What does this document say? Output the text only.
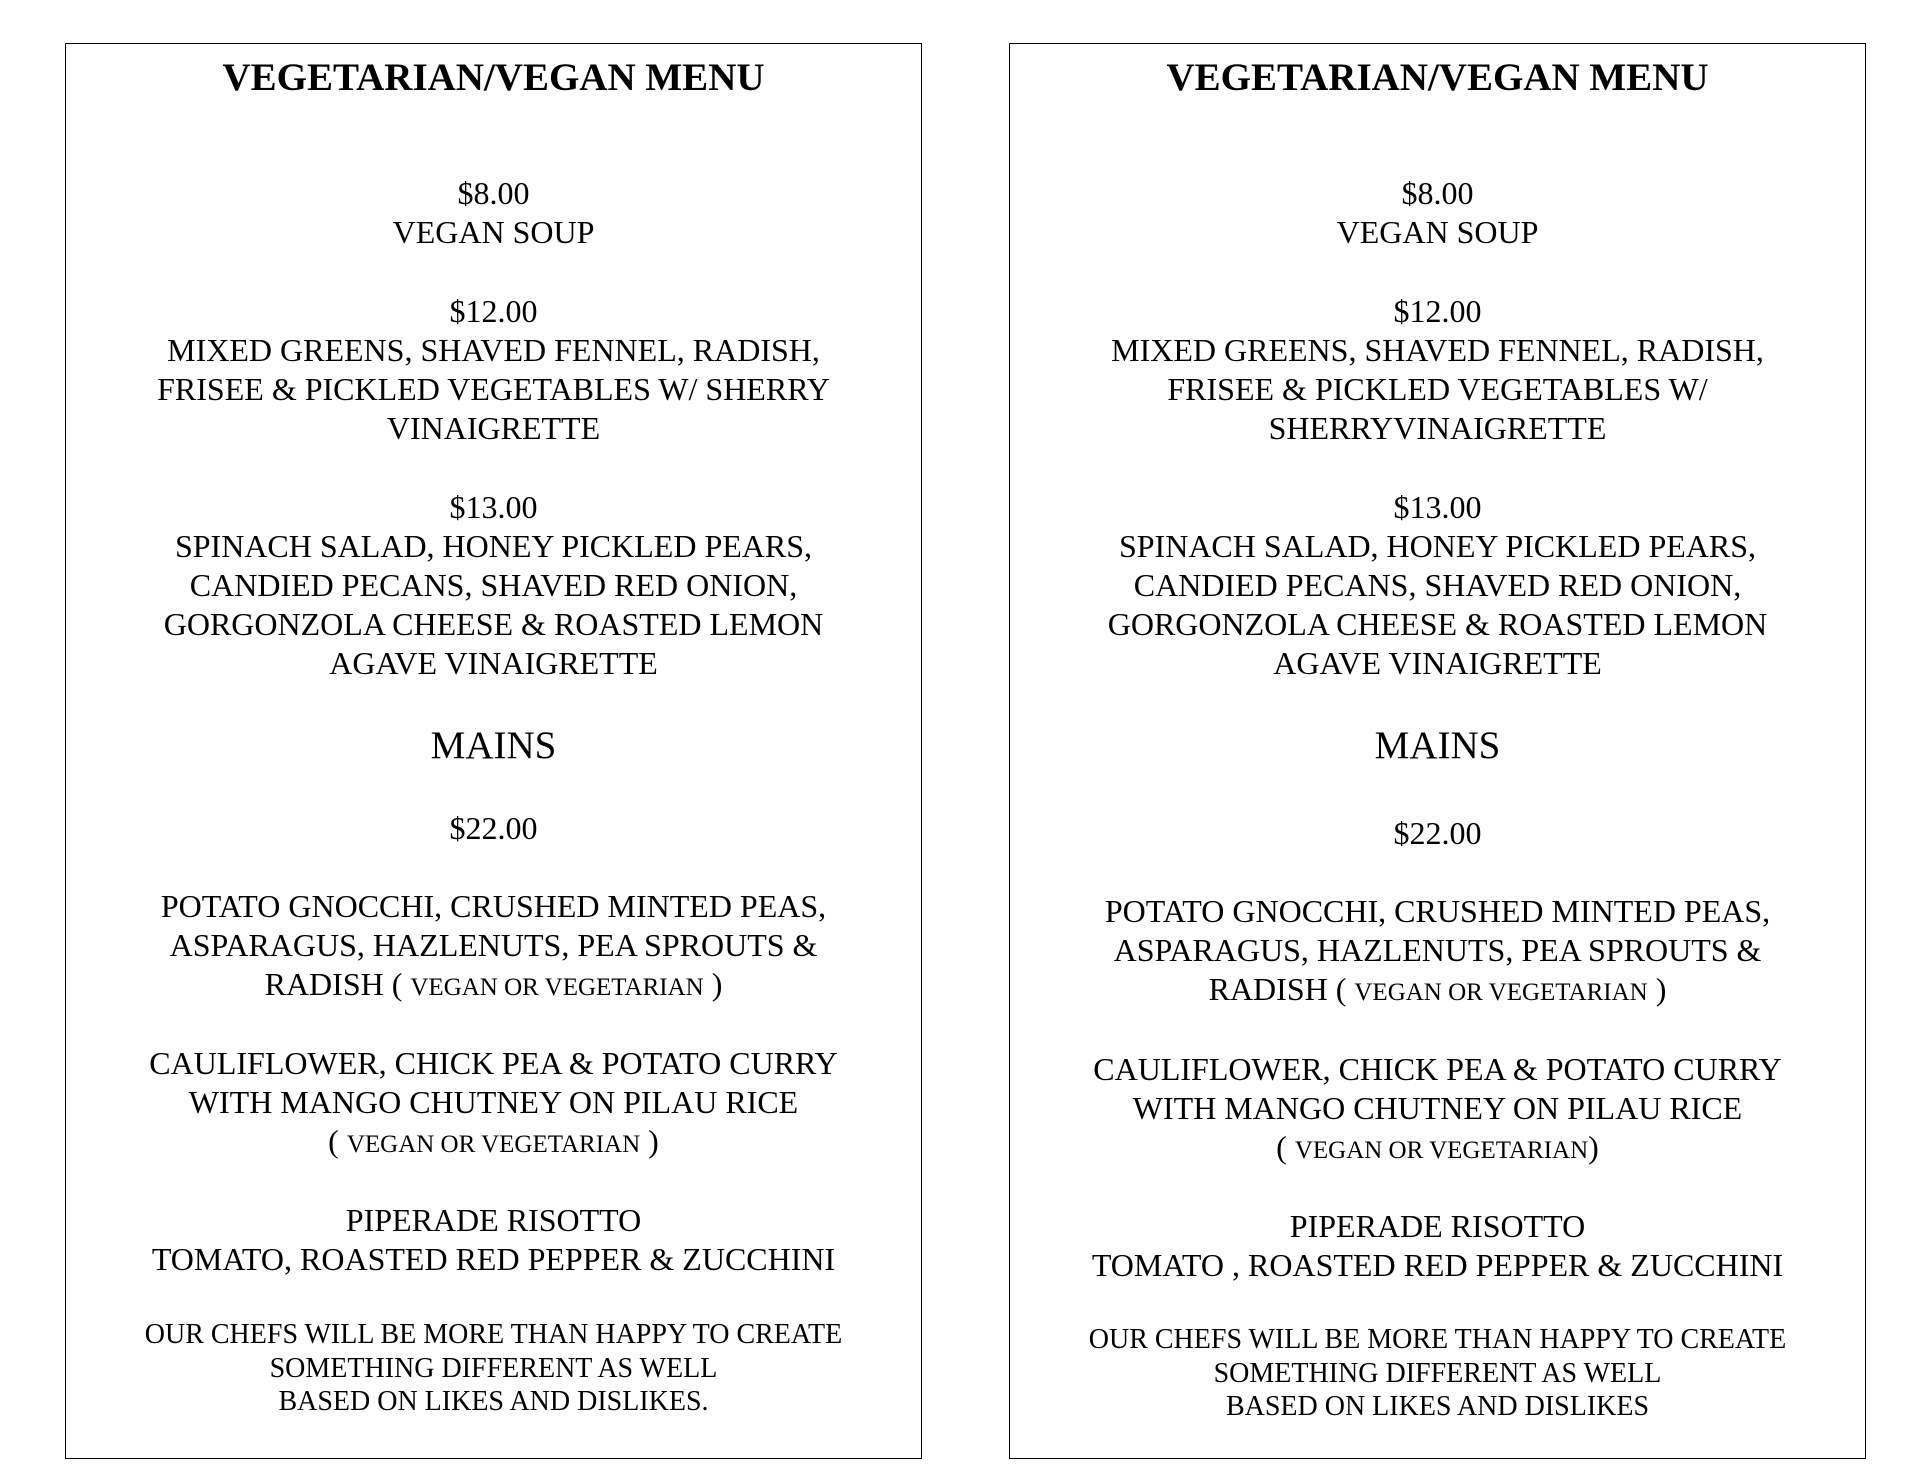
VEGETARIAN/VEGAN MENU
$8.00
VEGAN SOUP
$12.00
MIXED GREENS, SHAVED FENNEL, RADISH,
FRISEE & PICKLED VEGETABLES W/ SHERRY
VINAIGRETTE
$13.00
SPINACH SALAD, HONEY PICKLED PEARS,
CANDIED PECANS, SHAVED RED ONION,
GORGONZOLA CHEESE & ROASTED LEMON
AGAVE VINAIGRETTE
MAINS
$22.00
POTATO GNOCCHI, CRUSHED MINTED PEAS,
ASPARAGUS, HAZLENUTS, PEA SPROUTS &
RADISH ( VEGAN OR VEGETARIAN )
CAULIFLOWER, CHICK PEA & POTATO CURRY
WITH MANGO CHUTNEY ON PILAU RICE
( VEGAN OR VEGETARIAN )
PIPERADE RISOTTO
TOMATO, ROASTED RED PEPPER & ZUCCHINI
OUR CHEFS WILL BE MORE THAN HAPPY TO CREATE
SOMETHING DIFFERENT AS WELL
BASED ON LIKES AND DISLIKES.
VEGETARIAN/VEGAN MENU
$8.00
VEGAN SOUP
$12.00
MIXED GREENS, SHAVED FENNEL, RADISH,
FRISEE & PICKLED VEGETABLES W/
SHERRYVINAIGRETTE
$13.00
SPINACH SALAD, HONEY PICKLED PEARS,
CANDIED PECANS, SHAVED RED ONION,
GORGONZOLA CHEESE & ROASTED LEMON
AGAVE VINAIGRETTE
MAINS
$22.00
POTATO GNOCCHI, CRUSHED MINTED PEAS,
ASPARAGUS, HAZLENUTS, PEA SPROUTS &
RADISH ( VEGAN OR VEGETARIAN )
CAULIFLOWER, CHICK PEA & POTATO CURRY
WITH MANGO CHUTNEY ON PILAU RICE
( VEGAN OR VEGETARIAN)
PIPERADE RISOTTO
TOMATO , ROASTED RED PEPPER & ZUCCHINI
OUR CHEFS WILL BE MORE THAN HAPPY TO CREATE
SOMETHING DIFFERENT AS WELL
BASED ON LIKES AND DISLIKES
